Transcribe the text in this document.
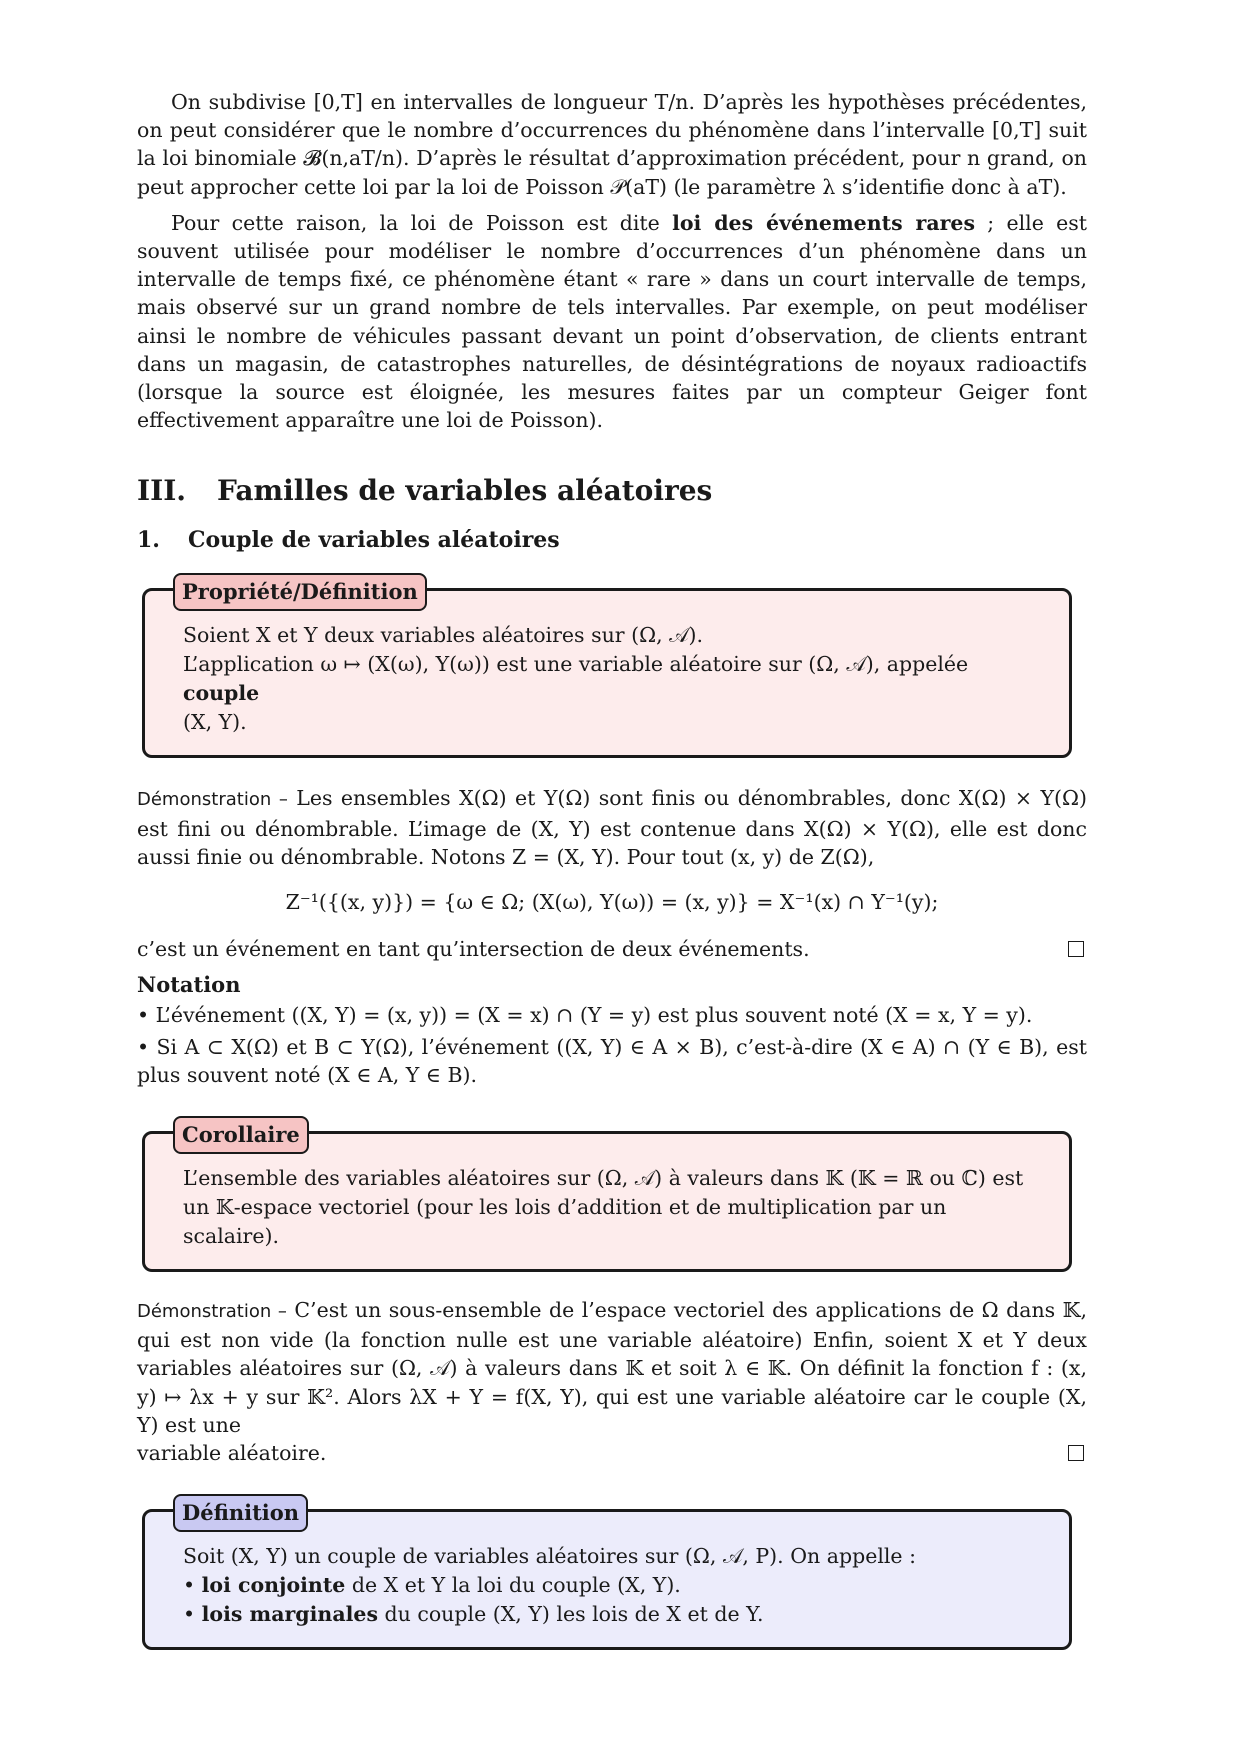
On subdivise [0,T] en intervalles de longueur T/n. D’après les hypothèses précédentes, on peut considérer que le nombre d’occurrences du phénomène dans l’intervalle [0,T] suit la loi binomiale 𝓑(n,aT/n). D’après le résultat d’approximation précédent, pour n grand, on peut approcher cette loi par la loi de Poisson 𝒫(aT) (le paramètre λ s’identifie donc à aT).

Pour cette raison, la loi de Poisson est dite loi des événements rares ; elle est souvent utilisée pour modéliser le nombre d’occurrences d’un phénomène dans un intervalle de temps fixé, ce phénomène étant « rare » dans un court intervalle de temps, mais observé sur un grand nombre de tels intervalles. Par exemple, on peut modéliser ainsi le nombre de véhicules passant devant un point d’observation, de clients entrant dans un magasin, de catastrophes naturelles, de désintégrations de noyaux radioactifs (lorsque la source est éloignée, les mesures faites par un compteur Geiger font effectivement apparaître une loi de Poisson).

III.	Familles de variables aléatoires
1.	Couple de variables aléatoires
Propriété/Définition

Soient X et Y deux variables aléatoires sur (Ω, 𝒜).

L’application ω ↦ (X(ω), Y(ω)) est une variable aléatoire sur (Ω, 𝒜), appelée couple

(X, Y).

Démonstration – Les ensembles X(Ω) et Y(Ω) sont finis ou dénombrables, donc X(Ω) × Y(Ω) est fini ou dénombrable. L’image de (X, Y) est contenue dans X(Ω) × Y(Ω), elle est donc aussi finie ou dénombrable. Notons Z = (X, Y). Pour tout (x, y) de Z(Ω),

Z⁻¹({(x, y)}) = {ω ∈ Ω; (X(ω), Y(ω)) = (x, y)} = X⁻¹(x) ∩ Y⁻¹(y);
c’est un événement en tant qu’intersection de deux événements.
Notation

• L’événement ((X, Y) = (x, y)) = (X = x) ∩ (Y = y) est plus souvent noté (X = x, Y = y).

• Si A ⊂ X(Ω) et B ⊂ Y(Ω), l’événement ((X, Y) ∈ A × B), c’est-à-dire (X ∈ A) ∩ (Y ∈ B), est plus souvent noté (X ∈ A, Y ∈ B).

Corollaire

L’ensemble des variables aléatoires sur (Ω, 𝒜) à valeurs dans 𝕂 (𝕂 = ℝ ou ℂ) est un 𝕂-espace vectoriel (pour les lois d’addition et de multiplication par un scalaire).

Démonstration – C’est un sous-ensemble de l’espace vectoriel des applications de Ω dans 𝕂, qui est non vide (la fonction nulle est une variable aléatoire) Enfin, soient X et Y deux variables aléatoires sur (Ω, 𝒜) à valeurs dans 𝕂 et soit λ ∈ 𝕂. On définit la fonction f : (x, y) ↦ λx + y sur 𝕂². Alors λX + Y = f(X, Y), qui est une variable aléatoire car le couple (X, Y) est une

variable aléatoire.
Définition

Soit (X, Y) un couple de variables aléatoires sur (Ω, 𝒜, P). On appelle :

• loi conjointe de X et Y la loi du couple (X, Y).

• lois marginales du couple (X, Y) les lois de X et de Y.
